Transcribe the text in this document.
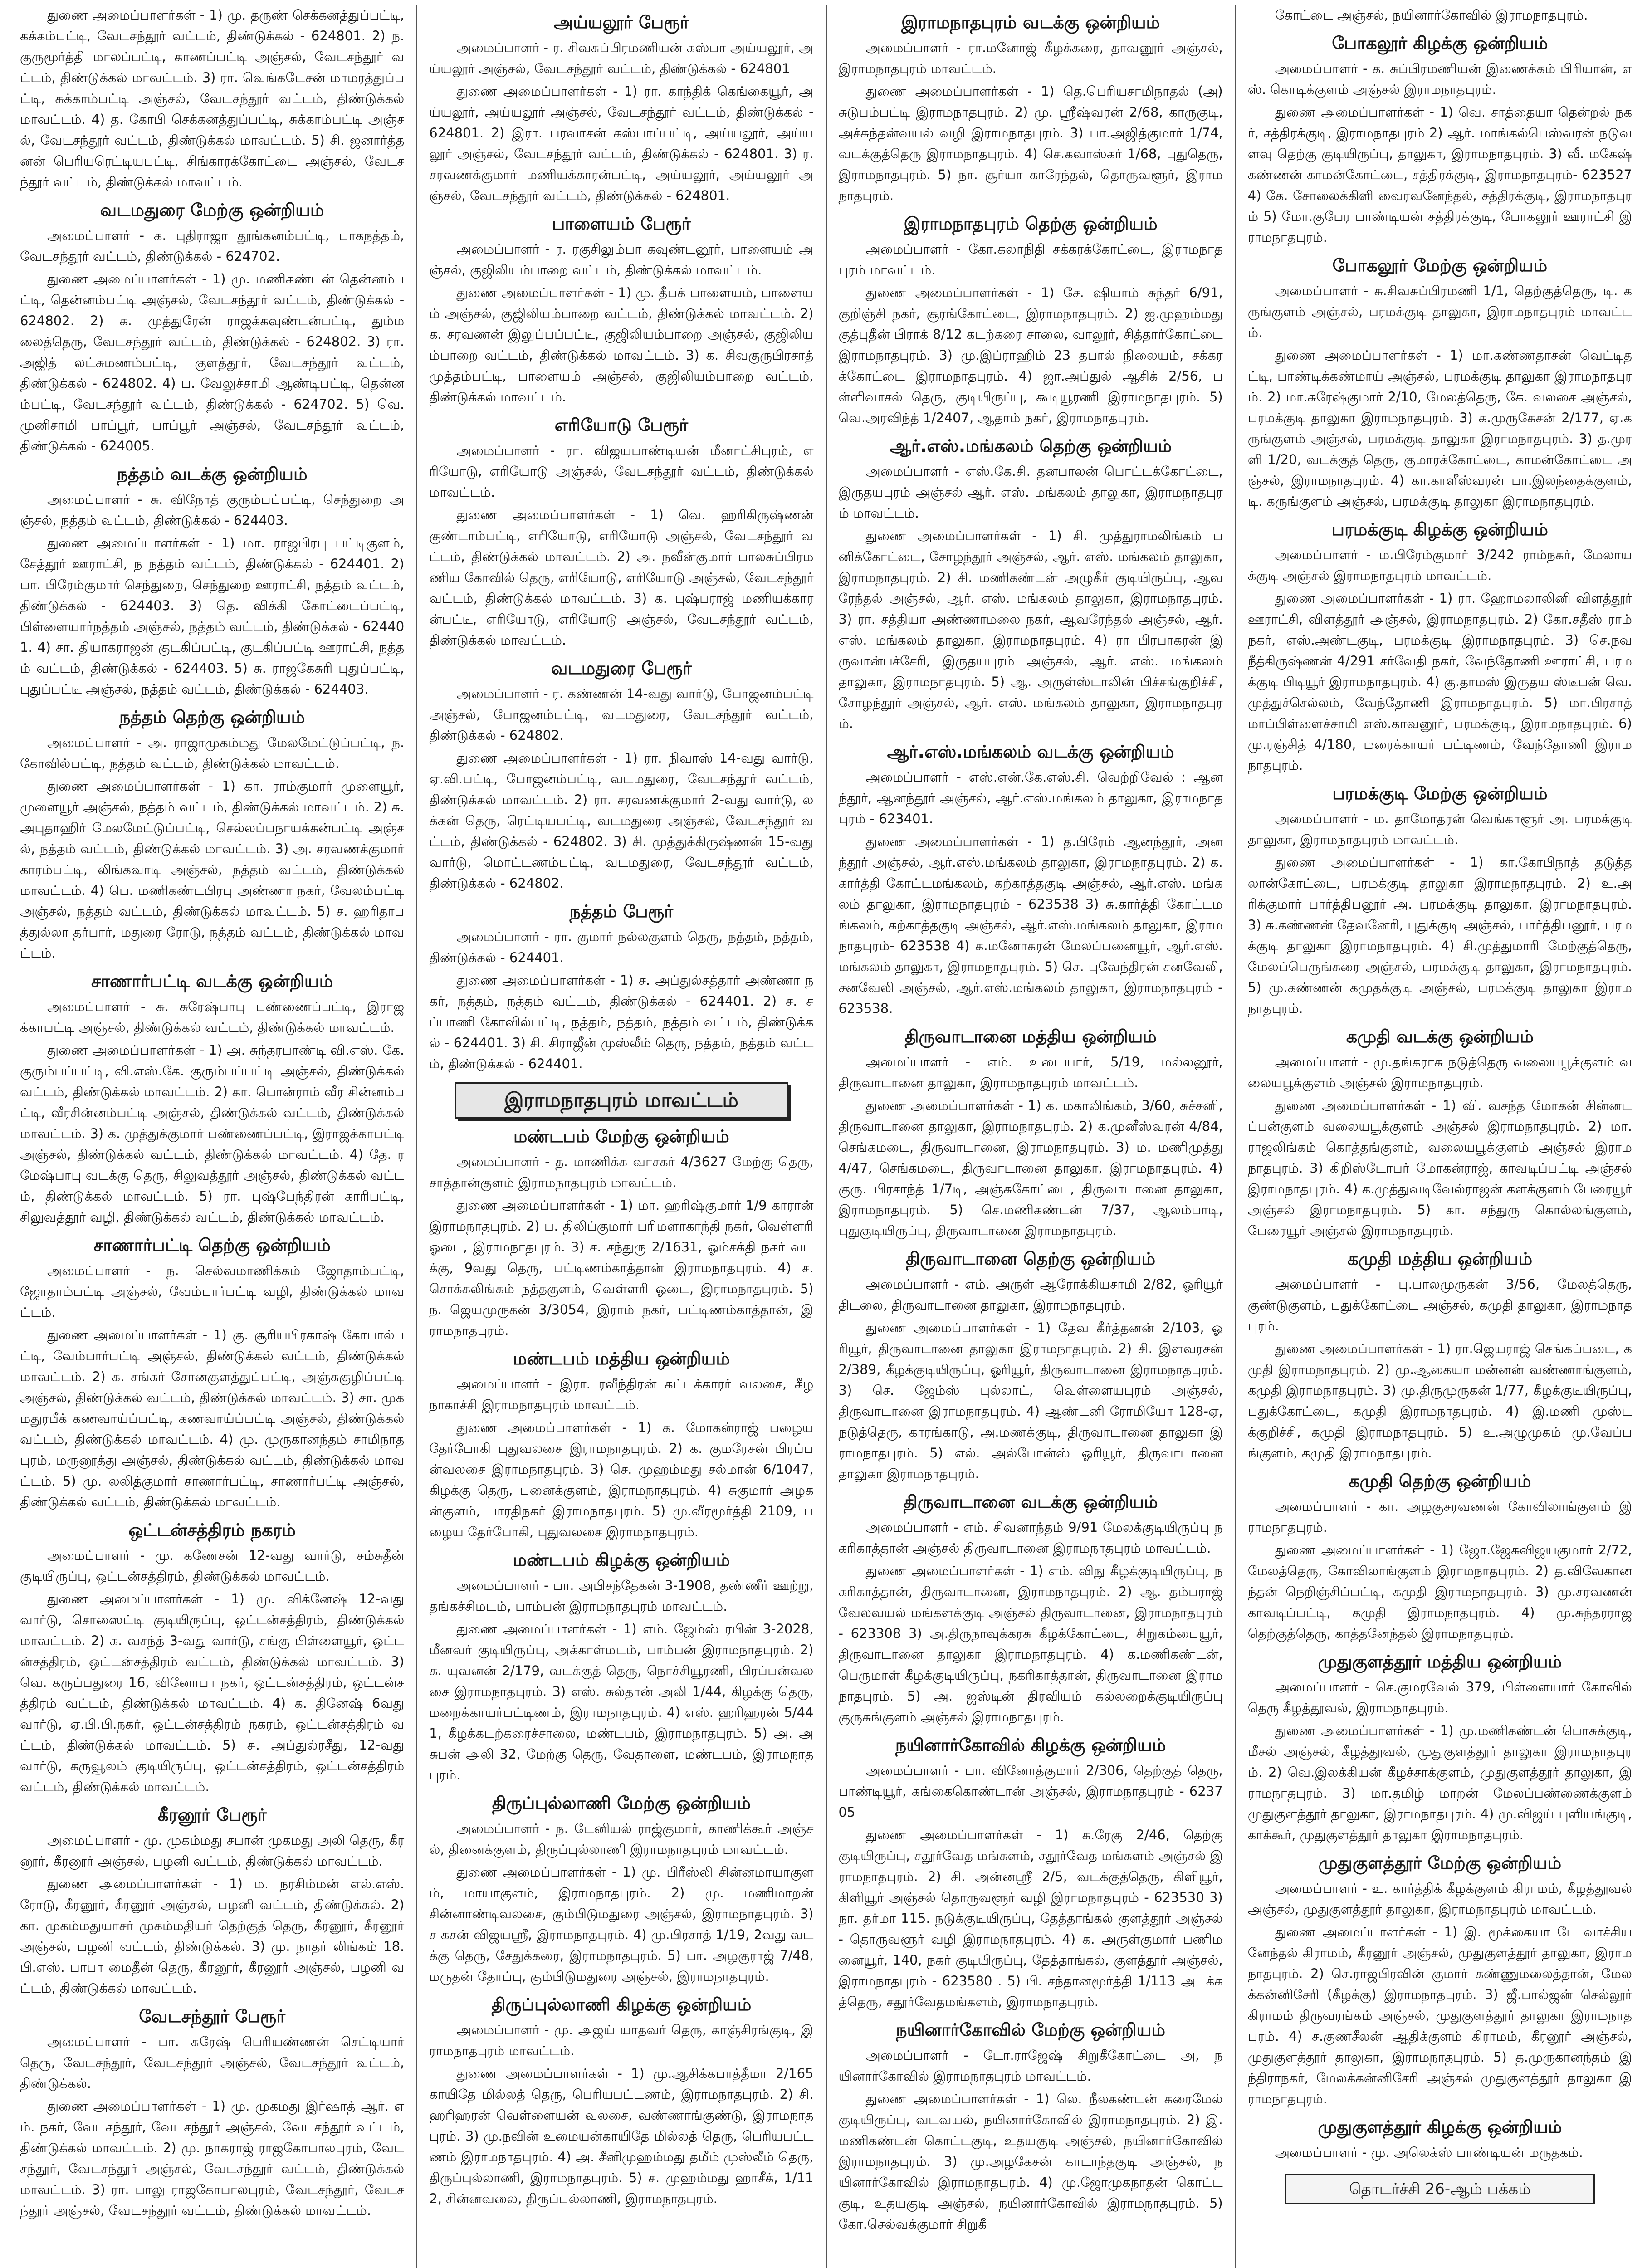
துணை அமைப்பாளர்கள் - 1) மு. தருண் செக்கனத்துப்பட்டி, கக்கம்பட்டி, வேடசந்தூர் வட்டம், திண்டுக்கல் - 624801. 2) ந. குருமூர்த்தி மாலப்பட்டி, காணப்பட்டி அஞ்சல், வேடசந்தூர் வட்டம், திண்டுக்கல் மாவட்டம். 3) ரா. வெங்கடேசன் மாமரத்துப்பட்டி, சுக்காம்பட்டி அஞ்சல், வேடசந்தூர் வட்டம், திண்டுக்கல் மாவட்டம். 4) த. கோபி செக்கனத்துப்பட்டி, சுக்காம்பட்டி அஞ்சல், வேடசந்தூர் வட்டம், திண்டுக்கல் மாவட்டம். 5) சி. ஜனார்த்தனன் பெரியரெட்டியபட்டி, சிங்காரக்கோட்டை அஞ்சல், வேடசந்தூர் வட்டம், திண்டுக்கல் மாவட்டம்.

வடமதுரை மேற்கு ஒன்றியம்

அமைப்பாளர் - க. புதிராஜா தூங்கனம்பட்டி, பாகநத்தம், வேடசந்தூர் வட்டம், திண்டுக்கல் - 624702.

துணை அமைப்பாளர்கள் - 1) மு. மணிகண்டன் தென்னம்பட்டி, தென்னம்பட்டி அஞ்சல், வேடசந்தூர் வட்டம், திண்டுக்கல் - 624802. 2) க. முத்துரேன் ராஜக்கவுண்டன்பட்டி, தும்மலைத்தெரு, வேடசந்தூர் வட்டம், திண்டுக்கல் - 624802. 3) ரா. அஜித் லட்சுமணம்பட்டி, குளத்தூர், வேடசந்தூர் வட்டம், திண்டுக்கல் - 624802. 4) ப. வேலுச்சாமி ஆண்டிபட்டி, தென்னம்பட்டி, வேடசந்தூர் வட்டம், திண்டுக்கல் - 624702. 5) வெ. முனிசாமி பாப்பூர், பாப்பூர் அஞ்சல், வேடசந்தூர் வட்டம், திண்டுக்கல் - 624005.

நத்தம் வடக்கு ஒன்றியம்

அமைப்பாளர் - சு. விநோத் குரும்பப்பட்டி, செந்துறை அஞ்சல், நத்தம் வட்டம், திண்டுக்கல் - 624403.

துணை அமைப்பாளர்கள் - 1) மா. ராஜபிரபு பட்டிகுளம், சேத்தூர் ஊராட்சி, ந நத்தம் வட்டம், திண்டுக்கல் - 624401. 2) பா. பிரேம்குமார் செந்துறை, செந்துறை ஊராட்சி, நத்தம் வட்டம், திண்டுக்கல் - 624403. 3) தெ. விக்கி கோட்டைப்பட்டி, பிள்ளையார்நத்தம் அஞ்சல், நத்தம் வட்டம், திண்டுக்கல் - 624401. 4) சா. தியாகராஜன் குடகிப்பட்டி, குடகிப்பட்டி ஊராட்சி, நத்தம் வட்டம், திண்டுக்கல் - 624403. 5) சு. ராஜகேசுரி புதுப்பட்டி, புதுப்பட்டி அஞ்சல், நத்தம் வட்டம், திண்டுக்கல் - 624403.

நத்தம் தெற்கு ஒன்றியம்

அமைப்பாளர் - அ. ராஜாமுகம்மது மேலமேட்டுப்பட்டி, ந. கோவில்பட்டி, நத்தம் வட்டம், திண்டுக்கல் மாவட்டம்.

துணை அமைப்பாளர்கள் - 1) கா. ராம்குமார் முளையூர், முளையூர் அஞ்சல், நத்தம் வட்டம், திண்டுக்கல் மாவட்டம். 2) சு. அபுதாஹிர் மேலமேட்டுப்பட்டி, செல்லப்பநாயக்கன்பட்டி அஞ்சல், நத்தம் வட்டம், திண்டுக்கல் மாவட்டம். 3) அ. சரவணக்குமார் காரம்பட்டி, லிங்கவாடி அஞ்சல், நத்தம் வட்டம், திண்டுக்கல் மாவட்டம். 4) பெ. மணிகண்டபிரபு அண்ணா நகர், வேலம்பட்டி அஞ்சல், நத்தம் வட்டம், திண்டுக்கல் மாவட்டம். 5) ச. ஹரிதாபத்துல்லா தர்பார், மதுரை ரோடு, நத்தம் வட்டம், திண்டுக்கல் மாவட்டம்.

சாணார்பட்டி வடக்கு ஒன்றியம்

அமைப்பாளர் - சு. சுரேஷ்பாபு பண்ணைப்பட்டி, இராஜக்காபட்டி அஞ்சல், திண்டுக்கல் வட்டம், திண்டுக்கல் மாவட்டம்.

துணை அமைப்பாளர்கள் - 1) அ. சுந்தரபாண்டி வி.எஸ். கே. குரும்பப்பட்டி, வி.எஸ்.கே. குரும்பப்பட்டி அஞ்சல், திண்டுக்கல் வட்டம், திண்டுக்கல் மாவட்டம். 2) கா. பொன்ராம் வீர சின்னம்பட்டி, வீரசின்னம்பட்டி அஞ்சல், திண்டுக்கல் வட்டம், திண்டுக்கல் மாவட்டம். 3) க. முத்துக்குமார் பண்ணைப்பட்டி, இராஜக்காபட்டி அஞ்சல், திண்டுக்கல் வட்டம், திண்டுக்கல் மாவட்டம். 4) தே. ரமேஷ்பாபு வடக்கு தெரு, சிலுவத்தூர் அஞ்சல், திண்டுக்கல் வட்டம், திண்டுக்கல் மாவட்டம். 5) ரா. புஷ்பேந்திரன் காரிபட்டி, சிலுவத்தூர் வழி, திண்டுக்கல் வட்டம், திண்டுக்கல் மாவட்டம்.

சாணார்பட்டி தெற்கு ஒன்றியம்

அமைப்பாளர் - ந. செல்வமாணிக்கம் ஜோதாம்பட்டி, ஜோதாம்பட்டி அஞ்சல், வேம்பார்பட்டி வழி, திண்டுக்கல் மாவட்டம்.

துணை அமைப்பாளர்கள் - 1) கு. சூரியபிரகாஷ் கோபால்பட்டி, வேம்பார்பட்டி அஞ்சல், திண்டுக்கல் வட்டம், திண்டுக்கல் மாவட்டம். 2) க. சங்கர் சோனகுளத்துப்பட்டி, அஞ்சுகுழிப்பட்டி அஞ்சல், திண்டுக்கல் வட்டம், திண்டுக்கல் மாவட்டம். 3) சா. முகமதுரபீக் கணவாய்ப்பட்டி, கணவாய்ப்பட்டி அஞ்சல், திண்டுக்கல் வட்டம், திண்டுக்கல் மாவட்டம். 4) மு. முருகானந்தம் சாமிநாதபுரம், மருனூத்து அஞ்சல், திண்டுக்கல் வட்டம், திண்டுக்கல் மாவட்டம். 5) மு. லலித்குமார் சாணார்பட்டி, சாணார்பட்டி அஞ்சல், திண்டுக்கல் வட்டம், திண்டுக்கல் மாவட்டம்.

ஒட்டன்சத்திரம் நகரம்

அமைப்பாளர் - மு. கணேசன் 12-வது வார்டு, சம்சுதீன் குடியிருப்பு, ஒட்டன்சத்திரம், திண்டுக்கல் மாவட்டம்.

துணை அமைப்பாளர்கள் - 1) மு. விக்னேஷ் 12-வது வார்டு, சொஸைட்டி குடியிருப்பு, ஒட்டன்சத்திரம், திண்டுக்கல் மாவட்டம். 2) க. வசந்த் 3-வது வார்டு, சங்கு பிள்ளையூர், ஒட்டன்சத்திரம், ஒட்டன்சத்திரம் வட்டம், திண்டுக்கல் மாவட்டம். 3) வெ. கருப்பதுரை 16, வினோபா நகர், ஒட்டன்சத்திரம், ஒட்டன்சத்திரம் வட்டம், திண்டுக்கல் மாவட்டம். 4) க. தினேஷ் 6வது வார்டு, ஏ.பி.பி.நகர், ஒட்டன்சத்திரம் நகரம், ஒட்டன்சத்திரம் வட்டம், திண்டுக்கல் மாவட்டம். 5) சு. அப்துல்ரசீது, 12-வது வார்டு, கருவூலம் குடியிருப்பு, ஒட்டன்சத்திரம், ஒட்டன்சத்திரம் வட்டம், திண்டுக்கல் மாவட்டம்.

கீரனூர் பேரூர்

அமைப்பாளர் - மு. முகம்மது சபான் முகமது அலி தெரு, கீரனூர், கீரனூர் அஞ்சல், பழனி வட்டம், திண்டுக்கல் மாவட்டம்.

துணை அமைப்பாளர்கள் - 1) ம. நரசிம்மன் எல்.எஸ். ரோடு, கீரனூர், கீரனூர் அஞ்சல், பழனி வட்டம், திண்டுக்கல். 2) கா. முகம்மதுயாசர் முகம்மதியர் தெற்குத் தெரு, கீரனூர், கீரனூர் அஞ்சல், பழனி வட்டம், திண்டுக்கல். 3) மு. நாதர் லிங்கம் 18. பி.எஸ். பாபா மைதீன் தெரு, கீரனூர், கீரனூர் அஞ்சல், பழனி வட்டம், திண்டுக்கல் மாவட்டம்.

வேடசந்தூர் பேரூர்

அமைப்பாளர் - பா. சுரேஷ் பெரியண்ணன் செட்டியார் தெரு, வேடசந்தூர், வேடசந்தூர் அஞ்சல், வேடசந்தூர் வட்டம், திண்டுக்கல்.

துணை அமைப்பாளர்கள் - 1) மு. முகமது இர்ஷாத் ஆர். எம். நகர், வேடசந்தூர், வேடசந்தூர் அஞ்சல், வேடசந்தூர் வட்டம், திண்டுக்கல் மாவட்டம். 2) மு. நாகராஜ் ராஜகோபாலபுரம், வேடசந்தூர், வேடசந்தூர் அஞ்சல், வேடசந்தூர் வட்டம், திண்டுக்கல் மாவட்டம். 3) ரா. பாலு ராஜகோபாலபுரம், வேடசந்தூர், வேடசந்தூர் அஞ்சல், வேடசந்தூர் வட்டம், திண்டுக்கல் மாவட்டம்.

அய்யலூர் பேரூர்

அமைப்பாளர் - ர. சிவசுப்பிரமணியன் கஸ்பா அய்யலூர், அய்யலூர் அஞ்சல், வேடசந்தூர் வட்டம், திண்டுக்கல் - 624801

துணை அமைப்பாளர்கள் - 1) ரா. காந்திக் கெங்கையூர், அய்யலூர், அய்யலூர் அஞ்சல், வேடசந்தூர் வட்டம், திண்டுக்கல் - 624801. 2) இரா. பரவாசன் கஸ்பாப்பட்டி, அய்யலூர், அய்யலூர் அஞ்சல், வேடசந்தூர் வட்டம், திண்டுக்கல் - 624801. 3) ர. சரவணக்குமார் மணியக்காரன்பட்டி, அய்யலூர், அய்யலூர் அஞ்சல், வேடசந்தூர் வட்டம், திண்டுக்கல் - 624801.

பாளையம் பேரூர்

அமைப்பாளர் - ர. ரகுசிலும்பா கவுண்டனூர், பாளையம் அஞ்சல், குஜிலியம்பாறை வட்டம், திண்டுக்கல் மாவட்டம்.

துணை அமைப்பாளர்கள் - 1) மு. தீபக் பாளையம், பாளையம் அஞ்சல், குஜிலியம்பாறை வட்டம், திண்டுக்கல் மாவட்டம். 2) க. சரவணன் இலுப்பப்பட்டி, குஜிலியம்பாறை அஞ்சல், குஜிலியம்பாறை வட்டம், திண்டுக்கல் மாவட்டம். 3) க. சிவகுருபிரசாத் முத்தம்பட்டி, பாளையம் அஞ்சல், குஜிலியம்பாறை வட்டம், திண்டுக்கல் மாவட்டம்.

எரியோடு பேரூர்

அமைப்பாளர் - ரா. விஜயபாண்டியன் மீனாட்சிபுரம், எரியோடு, எரியோடு அஞ்சல், வேடசந்தூர் வட்டம், திண்டுக்கல் மாவட்டம்.

துணை அமைப்பாளர்கள் - 1) வெ. ஹரிகிருஷ்ணன் குண்டாம்பட்டி, எரியோடு, எரியோடு அஞ்சல், வேடசந்தூர் வட்டம், திண்டுக்கல் மாவட்டம். 2) அ. நவீன்குமார் பாலசுப்பிரமணிய கோவில் தெரு, எரியோடு, எரியோடு அஞ்சல், வேடசந்தூர் வட்டம், திண்டுக்கல் மாவட்டம். 3) க. புஷ்பராஜ் மணியக்காரன்பட்டி, எரியோடு, எரியோடு அஞ்சல், வேடசந்தூர் வட்டம், திண்டுக்கல் மாவட்டம்.

வடமதுரை பேரூர்

அமைப்பாளர் - ர. கண்ணன் 14-வது வார்டு, போஜனம்பட்டி அஞ்சல், போஜனம்பட்டி, வடமதுரை, வேடசந்தூர் வட்டம், திண்டுக்கல் - 624802.

துணை அமைப்பாளர்கள் - 1) ரா. நிவாஸ் 14-வது வார்டு, ஏ.வி.பட்டி, போஜனம்பட்டி, வடமதுரை, வேடசந்தூர் வட்டம், திண்டுக்கல் மாவட்டம். 2) ரா. சரவணக்குமார் 2-வது வார்டு, லக்கன் தெரு, ரெட்டியபட்டி, வடமதுரை அஞ்சல், வேடசந்தூர் வட்டம், திண்டுக்கல் - 624802. 3) சி. முத்துக்கிருஷ்ணன் 15-வது வார்டு, மொட்டணம்பட்டி, வடமதுரை, வேடசந்தூர் வட்டம், திண்டுக்கல் - 624802.

நத்தம் பேரூர்

அமைப்பாளர் - ரா. குமார் நல்லகுளம் தெரு, நத்தம், நத்தம், திண்டுக்கல் - 624401.

துணை அமைப்பாளர்கள் - 1) ச. அப்துல்சத்தார் அண்ணா நகர், நத்தம், நத்தம் வட்டம், திண்டுக்கல் - 624401. 2) ச. சப்பாணி கோவில்பட்டி, நத்தம், நத்தம், நத்தம் வட்டம், திண்டுக்கல் - 624401. 3) சி. சிராஜீன் முஸ்லீம் தெரு, நத்தம், நத்தம் வட்டம், திண்டுக்கல் - 624401.

இராமநாதபுரம் மாவட்டம்
மண்டபம் மேற்கு ஒன்றியம்

அமைப்பாளர் - த. மாணிக்க வாசகர் 4/3627 மேற்கு தெரு, சாத்தான்குளம் இராமநாதபுரம் மாவட்டம்.

துணை அமைப்பாளர்கள் - 1) மா. ஹரிஷ்குமார் 1/9 காரான் இராமநாதபுரம். 2) ப. திலிப்குமார் பரிமளாகாந்தி நகர், வெள்ளரி ஓடை, இராமநாதபுரம். 3) ச. சந்துரு 2/1631, ஓம்சக்தி நகர் வடக்கு, 9வது தெரு, பட்டிணம்காத்தான் இராமநாதபுரம். 4) ச. சொக்கலிங்கம் நத்தகுளம், வெள்ளரி ஓடை, இராமநாதபுரம். 5) ந. ஜெயமுருகன் 3/3054, இராம் நகர், பட்டிணம்காத்தான், இராமநாதபுரம்.

மண்டபம் மத்திய ஒன்றியம்

அமைப்பாளர் - இரா. ரவீந்திரன் கட்டக்காரர் வலசை, கீழநாகாச்சி இராமநாதபுரம் மாவட்டம்.

துணை அமைப்பாளர்கள் - 1) க. மோகன்ராஜ் பழைய தேர்போகி புதுவலசை இராமநாதபுரம். 2) க. குமரேசன் பிரப்பன்வலசை இராமநாதபுரம். 3) செ. முஹம்மது சல்மான் 6/1047, கிழக்கு தெரு, பனைக்குளம், இராமநாதபுரம். 4) சுகுமார் அழகன்குளம், பாரதிநகர் இராமநாதபுரம். 5) மு.வீரமூர்த்தி 2109, பழைய தேர்போகி, புதுவலசை இராமநாதபுரம்.

மண்டபம் கிழக்கு ஒன்றியம்

அமைப்பாளர் - பா. அபிசந்தேகன் 3-1908, தண்ணீர் ஊற்று, தங்கச்சிமடம், பாம்பன் இராமநாதபுரம் மாவட்டம்.

துணை அமைப்பாளர்கள் - 1) எம். ஜேம்ஸ் ரபின் 3-2028, மீனவர் குடியிருப்பு, அக்காள்மடம், பாம்பன் இராமநாதபுரம். 2) க. யுவனன் 2/179, வடக்குத் தெரு, நொச்சியூரணி, பிரப்பன்வலசை இராமநாதபுரம். 3) எஸ். சுல்தான் அலி 1/44, கிழக்கு தெரு, மறைக்காயர்பட்டிணம், இராமநாதபுரம். 4) எஸ். ஹரிஹரன் 5/441, கீழக்கடற்கரைச்சாலை, மண்டபம், இராமநாதபுரம். 5) அ. அசுபன் அலி 32, மேற்கு தெரு, வேதாளை, மண்டபம், இராமநாதபுரம்.

திருப்புல்லாணி மேற்கு ஒன்றியம்

அமைப்பாளர் - ந. டேனியல் ராஜ்குமார், காணிக்கூர் அஞ்சல், தினைக்குளம், திருப்புல்லாணி இராமநாதபுரம் மாவட்டம்.

துணை அமைப்பாளர்கள் - 1) மு. பிரீஸ்லி சின்னமாயாகுளம், மாயாகுளம், இராமநாதபுரம். 2) மு. மணிமாறன் சின்னாண்டிவலசை, கும்பிடுமதுரை அஞ்சல், இராமநாதபுரம். 3) ச கசன் விஜயஸ்ரீ, இராமநாதபுரம். 4) மு.பிரசாத் 1/19, 2வது வடக்கு தெரு, சேதுக்கரை, இராமநாதபுரம். 5) பா. அழகுராஜ் 7/48, மருதன் தோப்பு, கும்பிடுமதுரை அஞ்சல், இராமநாதபுரம்.

திருப்புல்லாணி கிழக்கு ஒன்றியம்

அமைப்பாளர் - மு. அஜய் யாதவர் தெரு, காஞ்சிரங்குடி, இராமநாதபுரம் மாவட்டம்.

துணை அமைப்பாளர்கள் - 1) மு.ஆசிக்கபாத்தீமா 2/165 காயிதே மில்லத் தெரு, பெரியபட்டணம், இராமநாதபுரம். 2) சி. ஹரிஹரன் வெள்ளையன் வலசை, வண்ணாங்குண்டு, இராமநாதபுரம். 3) மு.நவின் உமையன்காயிதே மில்லத் தெரு, பெரியபட்டணம் இராமநாதபுரம். 4) அ. சீனிமுஹம்மது தமீம் முஸ்லீம் தெரு, திருப்புல்லாணி, இராமநாதபுரம். 5) ச. முஹம்மது ஹாசீக், 1/112, சின்னவலை, திருப்புல்லாணி, இராமநாதபுரம்.

இராமநாதபுரம் வடக்கு ஒன்றியம்

அமைப்பாளர் - ரா.மனோஜ் கீழக்கரை, தாவனூர் அஞ்சல், இராமநாதபுரம் மாவட்டம்.

துணை அமைப்பாளர்கள் - 1) தெ.பெரியசாமிநாதல் (அ) சுடுபம்பட்டி இராமநாதபுரம். 2) மு. ஸ்ரீஷ்வரன் 2/68, காருகுடி, அச்சுந்தன்வயல் வழி இராமநாதபுரம். 3) பா.அஜித்குமார் 1/74, வடக்குத்தெரு இராமநாதபுரம். 4) செ.கவாஸ்கர் 1/68, புதுதெரு, இராமநாதபுரம். 5) நா. சூர்யா காரேந்தல், தொருவளூர், இராமநாதபுரம்.

இராமநாதபுரம் தெற்கு ஒன்றியம்

அமைப்பாளர் - கோ.கலாநிதி சக்கரக்கோட்டை, இராமநாதபுரம் மாவட்டம்.

துணை அமைப்பாளர்கள் - 1) சே. ஷியாம் சுந்தர் 6/91, குறிஞ்சி நகர், சூரங்கோட்டை, இராமநாதபுரம். 2) ஐ.முஹம்மது குத்புதீன் பிராக் 8/12 கடற்கரை சாலை, வாலூர், சித்தார்கோட்டை இராமநாதபுரம். 3) மு.இப்ராஹிம் 23 தபால் நிலையம், சக்கரக்கோட்டை இராமநாதபுரம். 4) ஜா.அப்துல் ஆசிக் 2/56, பள்ளிவாசல் தெரு, குடியிருப்பு, கூடியூரணி இராமநாதபுரம். 5) வெ.அரவிந்த் 1/2407, ஆதாம் நகர், இராமநாதபுரம்.

ஆர்.எஸ்.மங்கலம் தெற்கு ஒன்றியம்

அமைப்பாளர் - எஸ்.கே.சி. தனபாலன் பொட்டக்கோட்டை, இருதயபுரம் அஞ்சல் ஆர். எஸ். மங்கலம் தாலுகா, இராமநாதபுரம் மாவட்டம்.

துணை அமைப்பாளர்கள் - 1) சி. முத்துராமலிங்கம் பனிக்கோட்டை, சோழந்தூர் அஞ்சல், ஆர். எஸ். மங்கலம் தாலுகா, இராமநாதபுரம். 2) சி. மணிகண்டன் அழுகீர் குடியிருப்பு, ஆவரேந்தல் அஞ்சல், ஆர். எஸ். மங்கலம் தாலுகா, இராமநாதபுரம். 3) ரா. சத்தியா அண்ணாமலை நகர், ஆவரேந்தல் அஞ்சல், ஆர். எஸ். மங்கலம் தாலுகா, இராமநாதபுரம். 4) ரா பிரபாகரன் இருவான்பச்சேரி, இருதயபுரம் அஞ்சல், ஆர். எஸ். மங்கலம் தாலுகா, இராமநாதபுரம். 5) ஆ. அருள்ஸ்டாலின் பிச்சங்குறிச்சி, சோழந்தூர் அஞ்சல், ஆர். எஸ். மங்கலம் தாலுகா, இராமநாதபுரம்.

ஆர்.எஸ்.மங்கலம் வடக்கு ஒன்றியம்

அமைப்பாளர் - எஸ்.என்.கே.எஸ்.சி. வெற்றிவேல் : ஆனந்தூர், ஆனந்தூர் அஞ்சல், ஆர்.எஸ்.மங்கலம் தாலுகா, இராமநாதபுரம் - 623401.

துணை அமைப்பாளர்கள் - 1) த.பிரேம் ஆனந்தூர், அனந்தூர் அஞ்சல், ஆர்.எஸ்.மங்கலம் தாலுகா, இராமநாதபுரம். 2) க.கார்த்தி கோட்டமங்கலம், கற்காத்தகுடி அஞ்சல், ஆர்.எஸ். மங்கலம் தாலுகா, இராமநாதபுரம் - 623538 3) சு.கார்த்தி கோட்டமங்கலம், கற்காத்தகுடி அஞ்சல், ஆர்.எஸ்.மங்கலம் தாலுகா, இராமநாதபுரம்- 623538 4) க.மனோகரன் மேலப்பனையூர், ஆர்.எஸ்.மங்கலம் தாலுகா, இராமநாதபுரம். 5) செ. புவேந்திரன் சனவேலி, சனவேலி அஞ்சல், ஆர்.எஸ்.மங்கலம் தாலுகா, இராமநாதபுரம் - 623538.

திருவாடானை மத்திய ஒன்றியம்

அமைப்பாளர் - எம். உடையார், 5/19, மல்லனூர், திருவாடானை தாலுகா, இராமநாதபுரம் மாவட்டம்.

துணை அமைப்பாளர்கள் - 1) க. மகாலிங்கம், 3/60, சுச்சனி, திருவாடானை தாலுகா, இராமநாதபுரம். 2) க.முனீஸ்வரன் 4/84, செங்கமடை, திருவாடானை, இராமநாதபுரம். 3) ம. மணிமுத்து 4/47, செங்கமடை, திருவாடானை தாலுகா, இராமநாதபுரம். 4) குரு. பிரசாந்த் 1/7டி, அஞ்சுகோட்டை, திருவாடானை தாலுகா, இராமநாதபுரம். 5) செ.மணிகண்டன் 7/37, ஆலம்பாடி, புதுகுடியிருப்பு, திருவாடானை இராமநாதபுரம்.

திருவாடானை தெற்கு ஒன்றியம்

அமைப்பாளர் - எம். அருள் ஆரோக்கியசாமி 2/82, ஓரியூர் திடலை, திருவாடானை தாலுகா, இராமநாதபுரம்.

துணை அமைப்பாளர்கள் - 1) தேவ கீர்த்தனன் 2/103, ஓரியூர், திருவாடானை தாலுகா இராமநாதபுரம். 2) சி. இளவரசன் 2/389, கீழக்குடியிருப்பு, ஓரியூர், திருவாடானை இராமநாதபுரம். 3) செ. ஜேம்ஸ் புல்லாட், வெள்ளையபுரம் அஞ்சல், திருவாடானை இராமநாதபுரம். 4) ஆண்டனி ரோமியோ 128-ஏ, நடுத்தெரு, காரங்காடு, அ.மணக்குடி, திருவாடானை தாலுகா இராமநாதபுரம். 5) எல். அல்போன்ஸ் ஓரியூர், திருவாடானை தாலுகா இராமநாதபுரம்.

திருவாடானை வடக்கு ஒன்றியம்

அமைப்பாளர் - எம். சிவனாந்தம் 9/91 மேலக்குடியிருப்பு நகரிகாத்தான் அஞ்சல் திருவாடானை இராமநாதபுரம் மாவட்டம்.

துணை அமைப்பாளர்கள் - 1) எம். விநு கீழக்குடியிருப்பு, நகரிகாத்தான், திருவாடானை, இராமநாதபுரம். 2) ஆ. தம்பராஜ் வேலவயல் மங்களக்குடி அஞ்சல் திருவாடானை, இராமநாதபுரம் - 623308 3) அ.திருநாவுக்கரசு கீழக்கோட்டை, சிறுகம்பையூர், திருவாடானை தாலுகா இராமநாதபுரம். 4) க.மணிகண்டன், பெருமாள் கீழக்குடியிருப்பு, நகரிகாத்தான், திருவாடானை இராமநாதபுரம். 5) அ. ஜஸ்டின் திரவியம் கல்லறைக்குடியிருப்பு குருசுங்குளம் அஞ்சல் இராமநாதபுரம்.

நயினார்கோவில் கிழக்கு ஒன்றியம்

அமைப்பாளர் - பா. வினோத்குமார் 2/306, தெற்குத் தெரு, பாண்டியூர், கங்கைகொண்டான் அஞ்சல், இராமநாதபுரம் - 623705

துணை அமைப்பாளர்கள் - 1) க.ரேகு 2/46, தெற்கு குடியிருப்பு, சதூர்வேத மங்களம், சதூர்வேத மங்களம் அஞ்சல் இராமநாதபுரம். 2) சி. அன்னஸ்ரீ 2/5, வடக்குத்தெரு, கிளியூர், கிளியூர் அஞ்சல் தொருவளூர் வழி இராமநாதபுரம் - 623530 3) நா. தர்மா 115. நடுக்குடியிருப்பு, தேத்தாங்கல் குளத்தூர் அஞ்சல் - தொருவளூர் வழி இராமநாதபுரம். 4) க. அருள்குமார் பணிமனையூர், 140, நகர் குடியிருப்பு, தேத்தாங்கல், குளத்தூர் அஞ்சல், இராமநாதபுரம் - 623580 . 5) பி. சந்தானமூர்த்தி 1/113 அடக்கத்தெரு, சதூர்வேதமங்களம், இராமநாதபுரம்.

நயினார்கோவில் மேற்கு ஒன்றியம்

அமைப்பாளர் - டோ.ராஜேஷ் சிறுகீகோட்டை அ, நயினார்கோவில் இராமநாதபுரம் மாவட்டம்.

துணை அமைப்பாளர்கள் - 1) லெ. நீலகண்டன் கரைமேல் குடியிருப்பு, வடவயல், நயினார்கோவில் இராமநாதபுரம். 2) இ.மணிகண்டன் கொட்டகுடி, உதயகுடி அஞ்சல், நயினார்கோவில் இராமநாதபுரம். 3) மு.அழகேசன் காடாந்தகுடி அஞ்சல், நயினார்கோவில் இராமநாதபுரம். 4) மு.ஜோமுகநாதன் கொட்டகுடி, உதயகுடி அஞ்சல், நயினார்கோவில் இராமநாதபுரம். 5) கோ.செல்வக்குமார் சிறுகீ

கோட்டை அஞ்சல், நயினார்கோவில் இராமநாதபுரம்.

போகலூர் கிழக்கு ஒன்றியம்

அமைப்பாளர் - க. சுப்பிரமணியன் இணைக்கம் பிரியான், எஸ். கொடிக்குளம் அஞ்சல் இராமநாதபுரம்.

துணை அமைப்பாளர்கள் - 1) வெ. சாத்தையா தென்றல் நகர், சத்திரக்குடி, இராமநாதபுரம் 2) ஆர். மாங்கல்பெஸ்வரன் நடுவளவு தெற்கு குடியிருப்பு, தாலுகா, இராமநாதபுரம். 3) வீ. மகேஷ் கண்ணன் காமன்கோட்டை, சத்திரக்குடி, இராமநாதபுரம்- 623527 4) கே. சோலைக்கிளி வைரவனேந்தல், சத்திரக்குடி, இராமநாதபுரம் 5) மோ.குபேர பாண்டியன் சத்திரக்குடி, போகலூர் ஊராட்சி இராமநாதபுரம்.

போகலூர் மேற்கு ஒன்றியம்

அமைப்பாளர் - சு.சிவசுப்பிரமணி 1/1, தெற்குத்தெரு, டி. கருங்குளம் அஞ்சல், பரமக்குடி தாலுகா, இராமநாதபுரம் மாவட்டம்.

துணை அமைப்பாளர்கள் - 1) மா.கண்ணதாசன் வெட்டிதட்டி, பாண்டிக்கண்மாய் அஞ்சல், பரமக்குடி தாலுகா இராமநாதபுரம். 2) மா.சுரேஷ்குமார் 2/10, மேலத்தெரு, கே. வலசை அஞ்சல், பரமக்குடி தாலுகா இராமநாதபுரம். 3) க.முருகேசன் 2/177, ஏ.கருங்குளம் அஞ்சல், பரமக்குடி தாலுகா இராமநாதபுரம். 3) த.முரளி 1/20, வடக்குத் தெரு, குமாரக்கோட்டை, காமன்கோட்டை அஞ்சல், இராமநாதபுரம். 4) கா.காளீஸ்வரன் பா.இலந்தைக்குளம், டி. கருங்குளம் அஞ்சல், பரமக்குடி தாலுகா இராமநாதபுரம்.

பரமக்குடி கிழக்கு ஒன்றியம்

அமைப்பாளர் - ம.பிரேம்குமார் 3/242 ராம்நகர், மேலாயக்குடி அஞ்சல் இராமநாதபுரம் மாவட்டம்.

துணை அமைப்பாளர்கள் - 1) ரா. ஹோமலாலினி விளத்தூர் ஊராட்சி, விளத்தூர் அஞ்சல், இராமநாதபுரம். 2) கோ.சதீஸ் ராம் நகர், எஸ்.அண்டகுடி, பரமக்குடி இராமநாதபுரம். 3) செ.நவநீத்கிருஷ்ணன் 4/291 சர்வேதி நகர், வேந்தோணி ஊராட்சி, பரமக்குடி பிடியூர் இராமநாதபுரம். 4) கு.தாமஸ் இருதய ஸ்டீபன் வெ.முத்துச்செல்லம், வேந்தோணி இராமநாதபுரம். 5) மா.பிரசாத் மாப்பிள்ளைச்சாமி எஸ்.காவனூர், பரமக்குடி, இராமநாதபுரம். 6) மு.ரஞ்சித் 4/180, மரைக்காயர் பட்டிணம், வேந்தோணி இராமநாதபுரம்.

பரமக்குடி மேற்கு ஒன்றியம்

அமைப்பாளர் - ம. தாமோதரன் வெங்காளூர் அ. பரமக்குடி தாலுகா, இராமநாதபுரம் மாவட்டம்.

துணை அமைப்பாளர்கள் - 1) கா.கோபிநாத் தடுத்தலான்கோட்டை, பரமக்குடி தாலுகா இராமநாதபுரம். 2) உ.அரிக்குமார் பார்த்திபனூர் அ. பரமக்குடி தாலுகா, இராமநாதபுரம். 3) சு.கண்ணன் தேவனேரி, புதுக்குடி அஞ்சல், பார்த்திபனூர், பரமக்குடி தாலுகா இராமநாதபுரம். 4) சி.முத்துமாரி மேற்குத்தெரு, மேலப்பெருங்கரை அஞ்சல், பரமக்குடி தாலுகா, இராமநாதபுரம். 5) மு.கண்ணன் கமுதக்குடி அஞ்சல், பரமக்குடி தாலுகா இராமநாதபுரம்.

கமுதி வடக்கு ஒன்றியம்

அமைப்பாளர் - மு.தங்கராசு நடுத்தெரு வலையபூக்குளம் வலையபூக்குளம் அஞ்சல் இராமநாதபுரம்.

துணை அமைப்பாளர்கள் - 1) வி. வசந்த மோகன் சின்னடப்பன்குளம் வலையபூக்குளம் அஞ்சல் இராமநாதபுரம். 2) மா. ராஜலிங்கம் கொத்தங்குளம், வலையபூக்குளம் அஞ்சல் இராமநாதபுரம். 3) கிறிஸ்டோபர் மோகன்ராஜ், காவடிப்பட்டி அஞ்சல் இராமநாதபுரம். 4) க.முத்துவடிவேல்ராஜன் களக்குளம் பேரையூர் அஞ்சல் இராமநாதபுரம். 5) கா. சந்துரு கொல்லங்குளம், பேரையூர் அஞ்சல் இராமநாதபுரம்.

கமுதி மத்திய ஒன்றியம்

அமைப்பாளர் - பு.பாலமுருகன் 3/56, மேலத்தெரு, குண்டுகுளம், புதுக்கோட்டை அஞ்சல், கமுதி தாலுகா, இராமநாதபுரம்.

துணை அமைப்பாளர்கள் - 1) ரா.ஜெயராஜ் செங்கப்படை, கமுதி இராமநாதபுரம். 2) மு.ஆகையா மன்னன் வண்ணாங்குளம், கமுதி இராமநாதபுரம். 3) மு.திருமுருகன் 1/77, கீழக்குடியிருப்பு, புதுக்கோட்டை, கமுதி இராமநாதபுரம். 4) இ.மணி முஸ்டக்குறிச்சி, கமுதி இராமநாதபுரம். 5) உ.அழுமுகம் மு.வேப்பங்குளம், கமுதி இராமநாதபுரம்.

கமுதி தெற்கு ஒன்றியம்

அமைப்பாளர் - கா. அழகுசரவணன் கோவிலாங்குளம் இராமநாதபுரம்.

துணை அமைப்பாளர்கள் - 1) ஜோ.ஜேசுவிஜயகுமார் 2/72, மேலத்தெரு, கோவிலாங்குளம் இராமநாதபுரம். 2) த.விவேகானந்தன் நெறிஞ்சிப்பட்டி, கமுதி இராமநாதபுரம். 3) மு.சரவணன் காவடிப்பட்டி, கமுதி இராமநாதபுரம். 4) மு.சுந்தரராஜ தெற்குத்தெரு, காத்தனேந்தல் இராமநாதபுரம்.

முதுகுளத்தூர் மத்திய ஒன்றியம்

அமைப்பாளர் - செ.குமரவேல் 379, பிள்ளையார் கோவில் தெரு கீழத்தூவல், இராமநாதபுரம்.

துணை அமைப்பாளர்கள் - 1) மு.மணிகண்டன் பொசுக்குடி, மீசல் அஞ்சல், கீழத்தூவல், முதுகுளத்தூர் தாலுகா இராமநாதபுரம். 2) வெ.இலக்கியன் கீழச்சாக்குளம், முதுகுளத்தூர் தாலுகா, இராமநாதபுரம். 3) மா.தமிழ் மாறன் மேலப்பண்ணைக்குளம் முதுகுளத்தூர் தாலுகா, இராமநாதபுரம். 4) மு.விஜய் புளியங்குடி, காக்கூர், முதுகுளத்தூர் தாலுகா இராமநாதபுரம்.

முதுகுளத்தூர் மேற்கு ஒன்றியம்

அமைப்பாளர் - உ. கார்த்திக் கீழக்குளம் கிராமம், கீழத்தூவல் அஞ்சல், முதுகுளத்தூர் தாலுகா, இராமநாதபுரம் மாவட்டம்.

துணை அமைப்பாளர்கள் - 1) இ. மூக்கையா டே வாச்சியனேந்தல் கிராமம், கீரனூர் அஞ்சல், முதுகுளத்தூர் தாலுகா, இராமநாதபுரம். 2) செ.ராஜபிரவின் குமார் கண்ணுமலைத்தான், மேலக்கன்னிசேரி (கீழக்கு) இராமநாதபுரம். 3) ஜீ.பால்ஜன் செல்லூர் கிராமம் திருவரங்கம் அஞ்சல், முதுகுளத்தூர் தாலுகா இராமநாதபுரம். 4) ச.குணசீலன் ஆதிக்குளம் கிராமம், கீரனூர் அஞ்சல், முதுகுளத்தூர் தாலுகா, இராமநாதபுரம். 5) த.முருகானந்தம் இந்திராநகர், மேலக்கன்னிசேரி அஞ்சல் முதுகுளத்தூர் தாலுகா இராமநாதபுரம்.

முதுகுளத்தூர் கிழக்கு ஒன்றியம்

அமைப்பாளர் - மு. அலெக்ஸ் பாண்டியன் மருதகம்.

தொடர்ச்சி 26-ஆம் பக்கம்
